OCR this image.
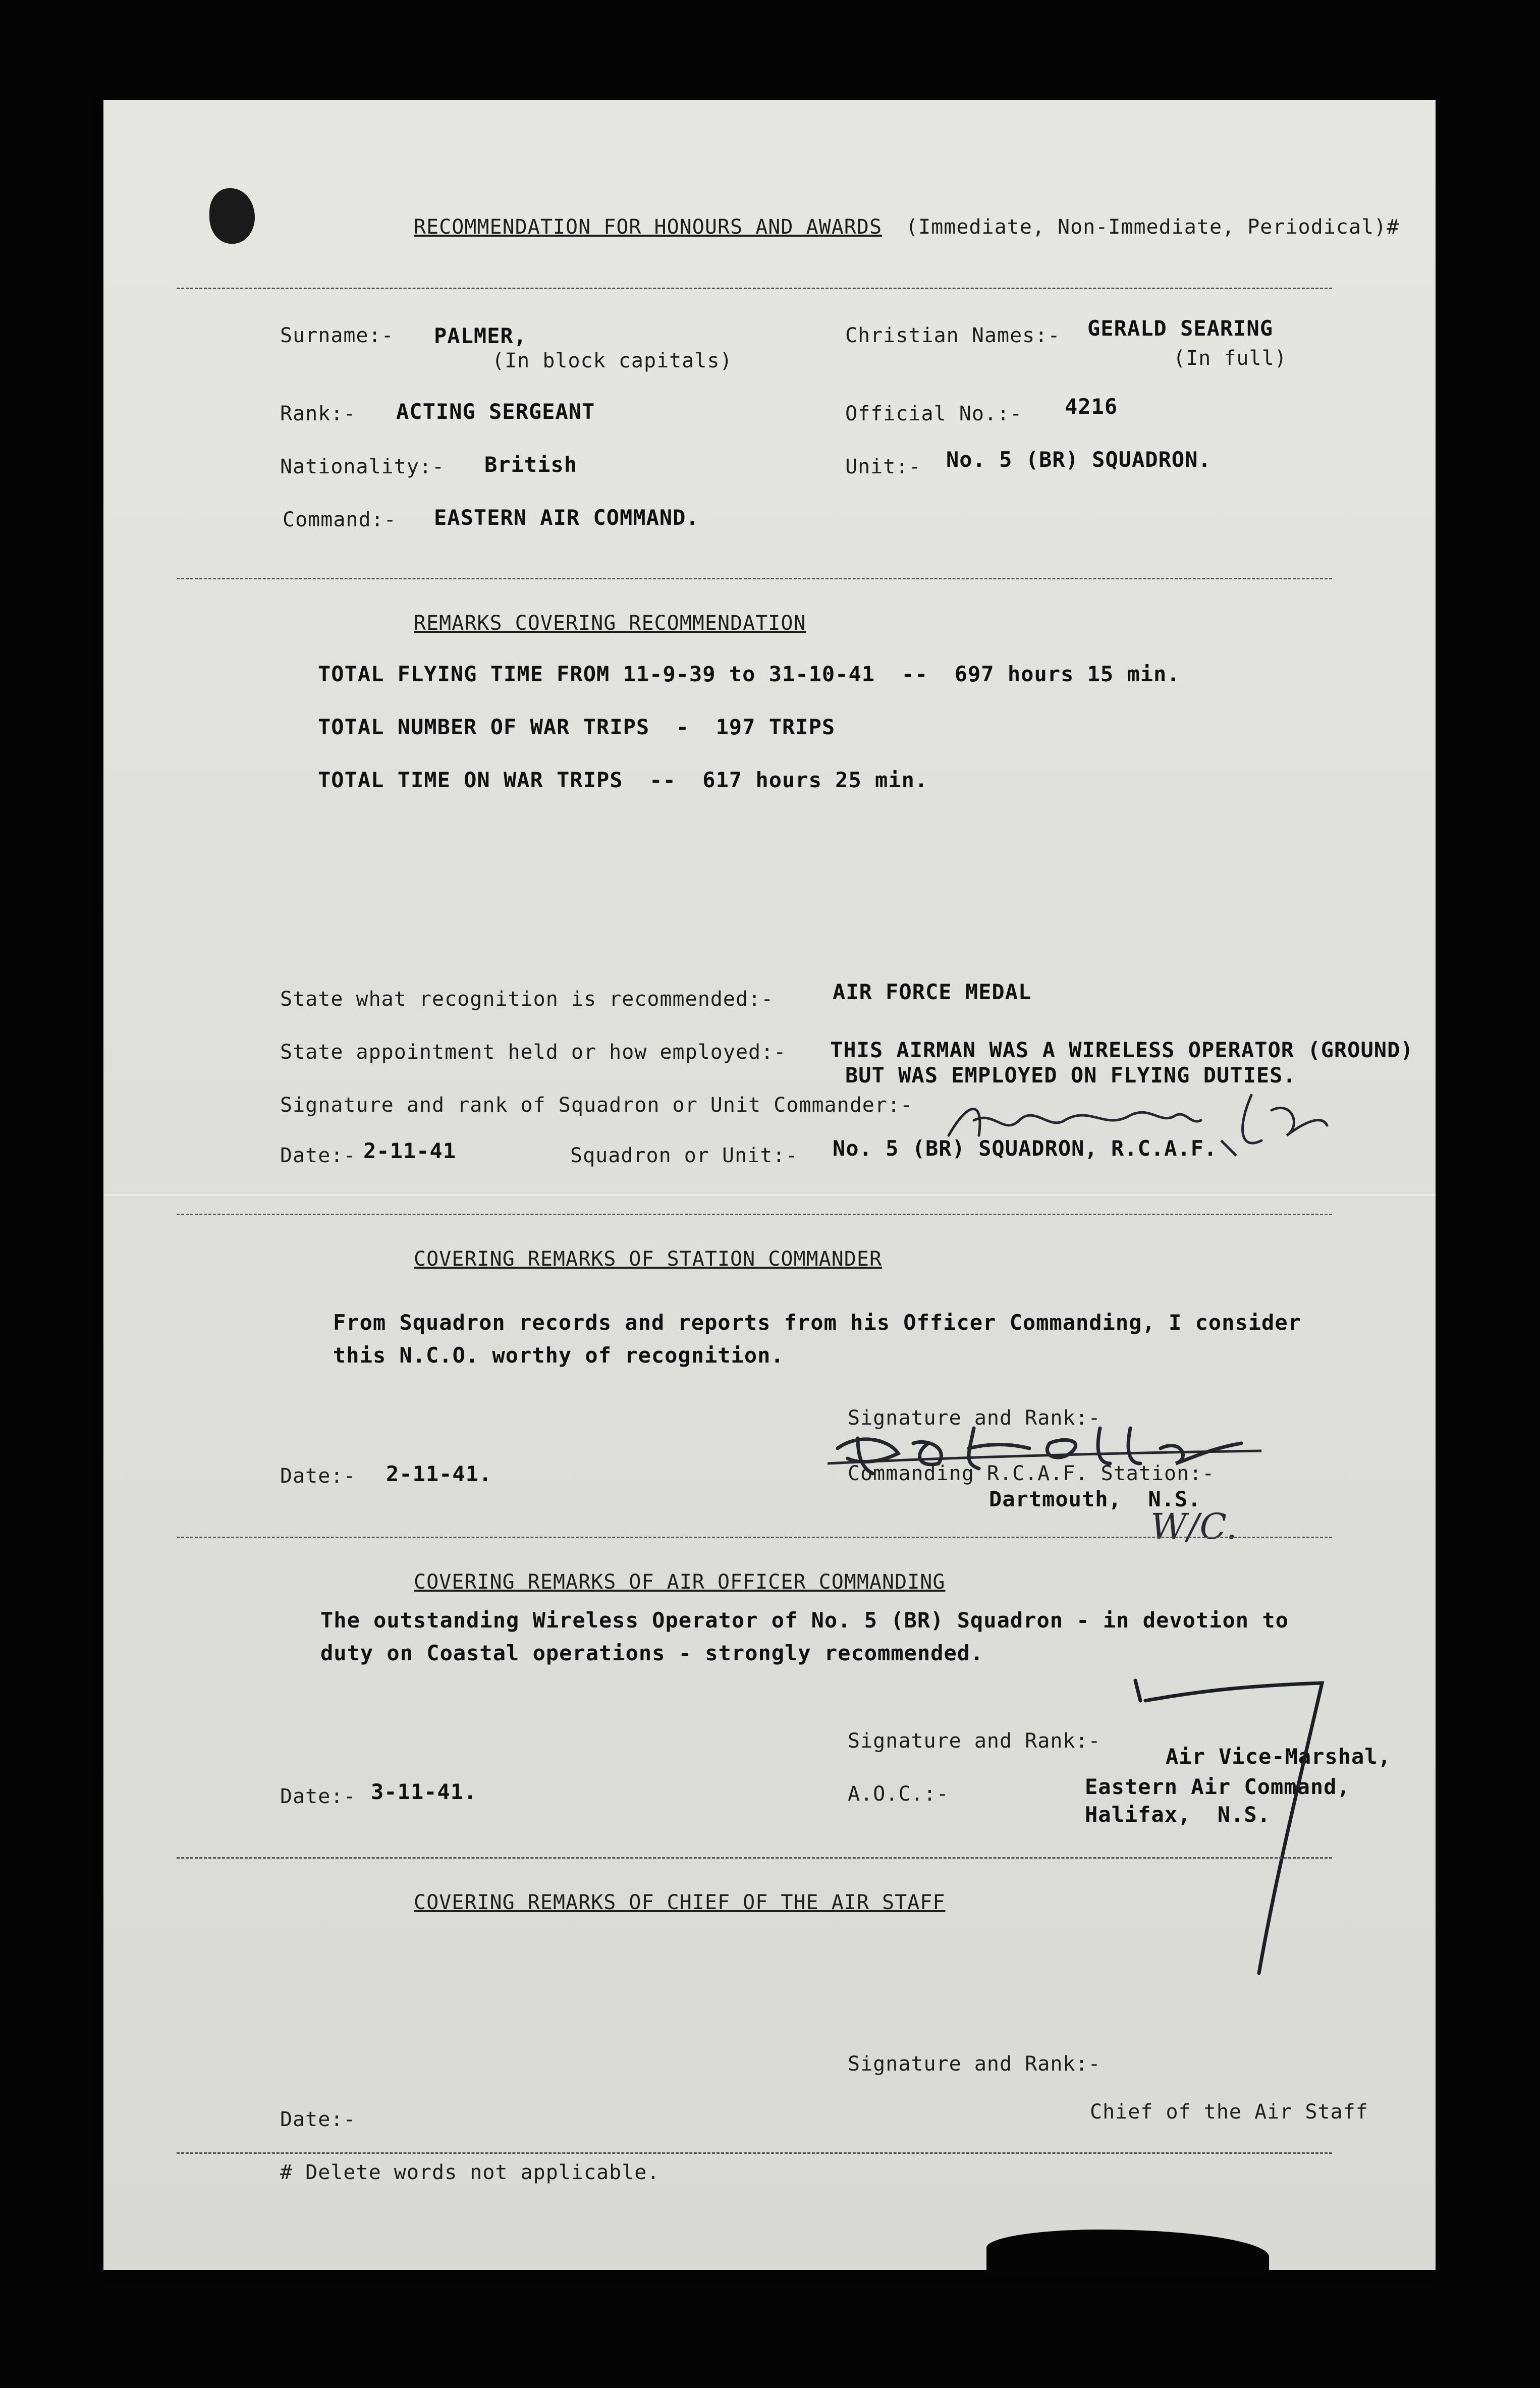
RECOMMENDATION FOR HONOURS AND AWARDS (Immediate, Non-Immediate, Periodical)#
Surname:- PALMER,
(In block capitals)
Christian Names:- GERALD SEARING
(In full)
Rank:- ACTING SERGEANT	Official No.:- 4216
Nationality:- British	Unit:- No. 5 (BR) SQUADRON.
Command:- EASTERN AIR COMMAND.
REMARKS COVERING RECOMMENDATION
TOTAL FLYING TIME FROM 11-9-39 to 31-10-41  --  697 hours 15 min.
TOTAL NUMBER OF WAR TRIPS  -  197 TRIPS
TOTAL TIME ON WAR TRIPS  --  617 hours 25 min.
State what recognition is recommended:-	AIR FORCE MEDAL
State appointment held or how employed:- THIS AIRMAN WAS A WIRELESS OPERATOR (GROUND)
BUT WAS EMPLOYED ON FLYING DUTIES.
Signature and rank of Squadron or Unit Commander:-
Date:- 2-11-41	Squadron or Unit:- No. 5 (BR) SQUADRON, R.C.A.F.
COVERING REMARKS OF STATION COMMANDER
From Squadron records and reports from his Officer Commanding, I consider
this N.C.O. worthy of recognition.
Signature and Rank:-
Commanding R.C.A.F. Station:-
Dartmouth,  N.S.
W/C.
Date:- 2-11-41.
COVERING REMARKS OF AIR OFFICER COMMANDING
The outstanding Wireless Operator of No. 5 (BR) Squadron - in devotion to
duty on Coastal operations - strongly recommended.
Signature and Rank:-
Air Vice-Marshal,
A.O.C.:-	Eastern Air Command,
Halifax,  N.S.
Date:- 3-11-41.
COVERING REMARKS OF CHIEF OF THE AIR STAFF
Signature and Rank:-
Date:-	Chief of the Air Staff
# Delete words not applicable.
